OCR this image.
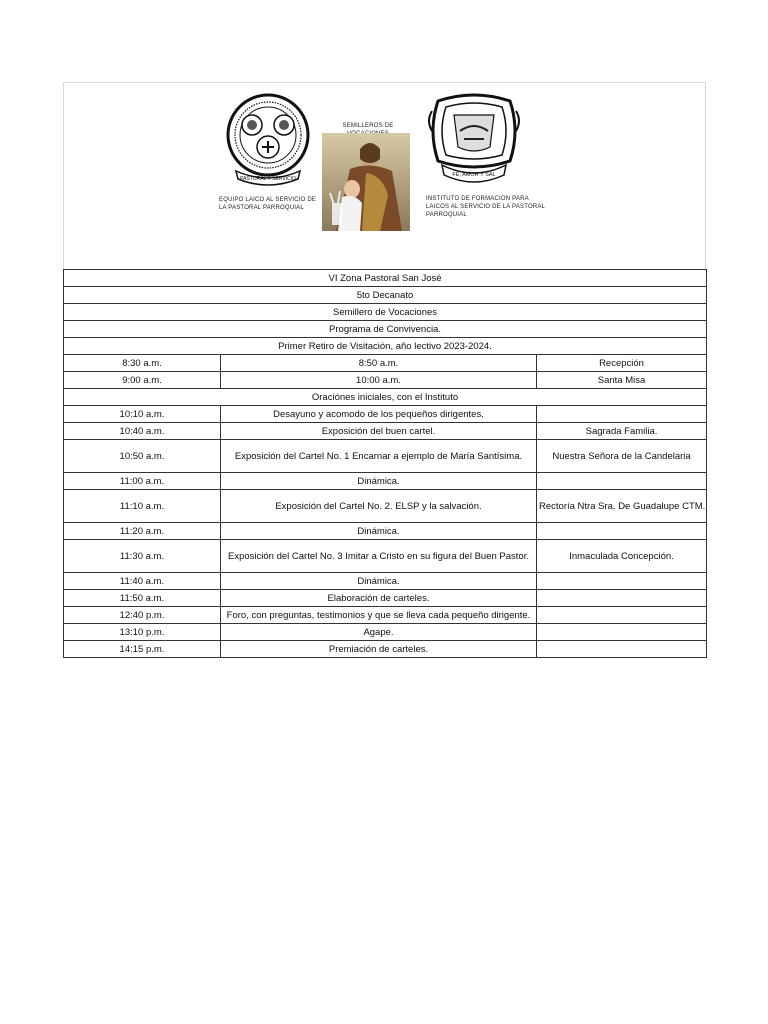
PASTORAL Y SERVICIO
EQUIPO LAICO AL SERVICIO DE LA PASTORAL PARROQUIAL
SEMILLEROS DE
FE, AMOR Y SAL
INSTITUTO DE FORMACION PARA LAICOS AL SERVICIO DE LA PASTORAL PARROQUIAL
VI Zona Pastoral San José		
5to Decanato		
Semillero de Vocaciones		
Programa de Convivencia.		
Primer Retiro de Visitación, año lectivo 2023-2024.		
8:30 a.m.	8:50 a.m.	Recepción
9:00 a.m.	10:00 a.m.	Santa Misa
Oraciónes iniciales, con el Instituto		
10:10 a.m.	Desayuno y acomodo de los pequeños dirigentes.	
10:40 a.m.	Exposición del buen cartel.	Sagrada Familia.
10:50 a.m.	Exposición del Cartel No. 1 Encarnar a ejemplo de María Santísima.	Nuestra Señora de la Candelaria
11:00 a.m.	Dinámica.	
11:10 a.m.	Exposición del Cartel No. 2. ELSP y la salvación.	Rectoría Ntra Sra. De Guadalupe CTM.
11:20 a.m.	Dinámica.	
11:30 a.m.	Exposición del Cartel No. 3 Imitar a Cristo en su figura del Buen Pastor.	Inmaculada Concepción.
11:40 a.m.	Dinámica.	
11:50 a.m.	Elaboración de carteles.	
12:40 p.m.	Foro, con preguntas, testimonios y que se lleva cada pequeño dirigente.	
13:10 p.m.	Agape.	
14:15 p.m.	Premiación de carteles.	
